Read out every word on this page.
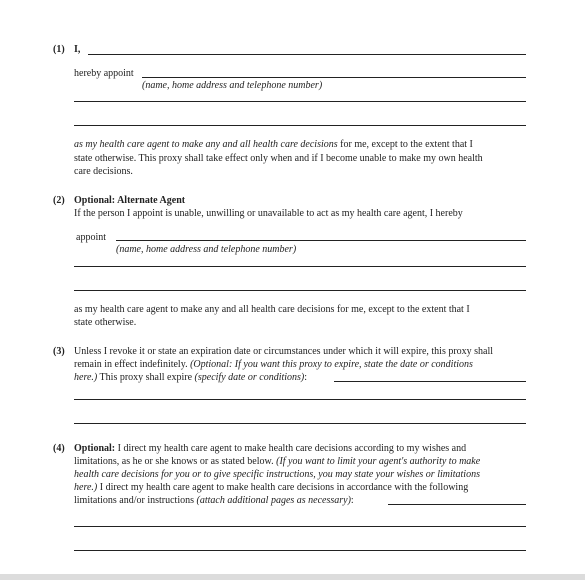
(1) I,
hereby appoint
(name, home address and telephone number)
as my health care agent to make any and all health care decisions for me, except to the extent that I
state otherwise. This proxy shall take effect only when and if I become unable to make my own health
care decisions.
(2) Optional: Alternate Agent
If the person I appoint is unable, unwilling or unavailable to act as my health care agent, I hereby
appoint
(name, home address and telephone number)
as my health care agent to make any and all health care decisions for me, except to the extent that I
state otherwise.
(3) Unless I revoke it or state an expiration date or circumstances under which it will expire, this proxy shall
remain in effect indefinitely. (Optional: If you want this proxy to expire, state the date or conditions
here.) This proxy shall expire (specify date or conditions):
(4) Optional: I direct my health care agent to make health care decisions according to my wishes and
limitations, as he or she knows or as stated below. (If you want to limit your agent's authority to make
health care decisions for you or to give specific instructions, you may state your wishes or limitations
here.) I direct my health care agent to make health care decisions in accordance with the following
limitations and/or instructions (attach additional pages as necessary):
